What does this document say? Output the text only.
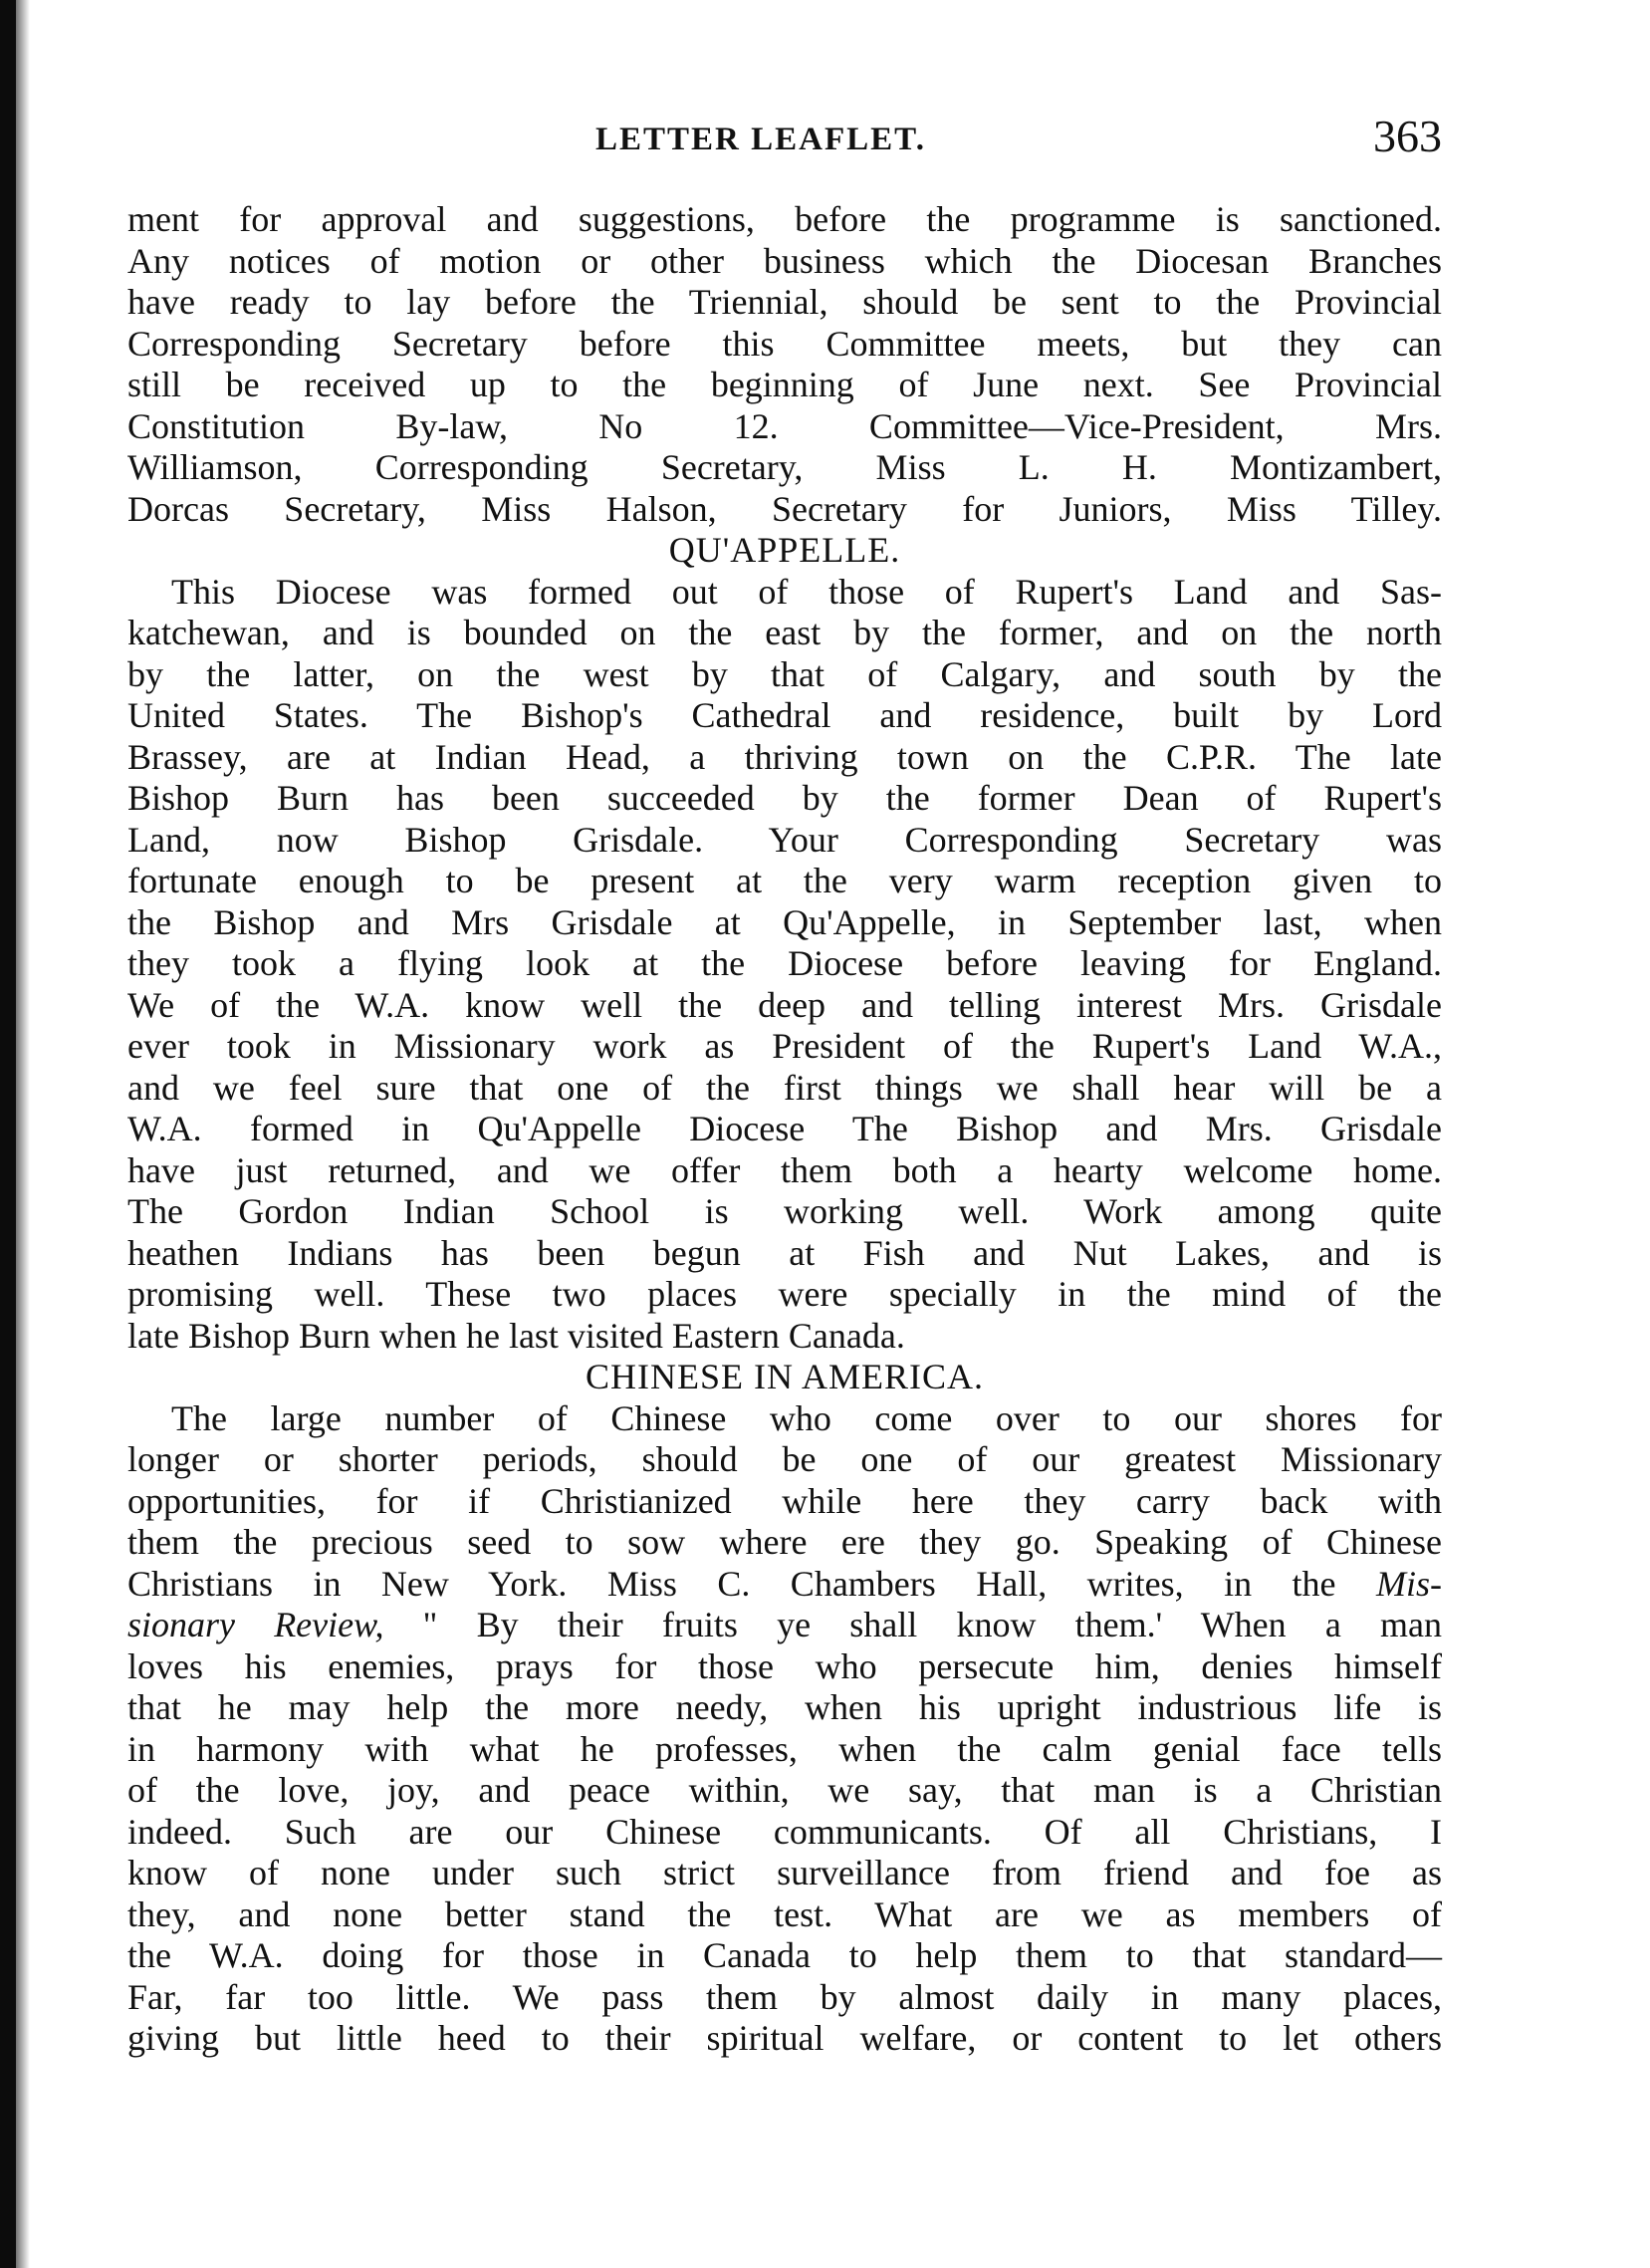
LETTER LEAFLET.	363
ment for approval and suggestions, before the programme is sanctioned.
Any notices of motion or other business which the Diocesan Branches
have ready to lay before the Triennial, should be sent to the Provincial
Corresponding Secretary before this Committee meets, but they can
still be received up to the beginning of June next. See Provincial
Constitution By-law, No 12. Committee—Vice-President, Mrs.
Williamson, Corresponding Secretary, Miss L. H. Montizambert,
Dorcas Secretary, Miss Halson, Secretary for Juniors, Miss Tilley.
QU'APPELLE.
This Diocese was formed out of those of Rupert's Land and Sas-
katchewan, and is bounded on the east by the former, and on the north
by the latter, on the west by that of Calgary, and south by the
United States. The Bishop's Cathedral and residence, built by Lord
Brassey, are at Indian Head, a thriving town on the C.P.R. The late
Bishop Burn has been succeeded by the former Dean of Rupert's
Land, now Bishop Grisdale. Your Corresponding Secretary was
fortunate enough to be present at the very warm reception given to
the Bishop and Mrs Grisdale at Qu'Appelle, in September last, when
they took a flying look at the Diocese before leaving for England.
We of the W.A. know well the deep and telling interest Mrs. Grisdale
ever took in Missionary work as President of the Rupert's Land W.A.,
and we feel sure that one of the first things we shall hear will be a
W.A. formed in Qu'Appelle Diocese The Bishop and Mrs. Grisdale
have just returned, and we offer them both a hearty welcome home.
The Gordon Indian School is working well. Work among quite
heathen Indians has been begun at Fish and Nut Lakes, and is
promising well. These two places were specially in the mind of the
late Bishop Burn when he last visited Eastern Canada.
CHINESE IN AMERICA.
The large number of Chinese who come over to our shores for
longer or shorter periods, should be one of our greatest Missionary
opportunities, for if Christianized while here they carry back with
them the precious seed to sow where ere they go. Speaking of Chinese
Christians in New York. Miss C. Chambers Hall, writes, in the Mis-
sionary Review, " By their fruits ye shall know them.' When a man
loves his enemies, prays for those who persecute him, denies himself
that he may help the more needy, when his upright industrious life is
in harmony with what he professes, when the calm genial face tells
of the love, joy, and peace within, we say, that man is a Christian
indeed. Such are our Chinese communicants. Of all Christians, I
know of none under such strict surveillance from friend and foe as
they, and none better stand the test. What are we as members of
the W.A. doing for those in Canada to help them to that standard—
Far, far too little. We pass them by almost daily in many places,
giving but little heed to their spiritual welfare, or content to let others
